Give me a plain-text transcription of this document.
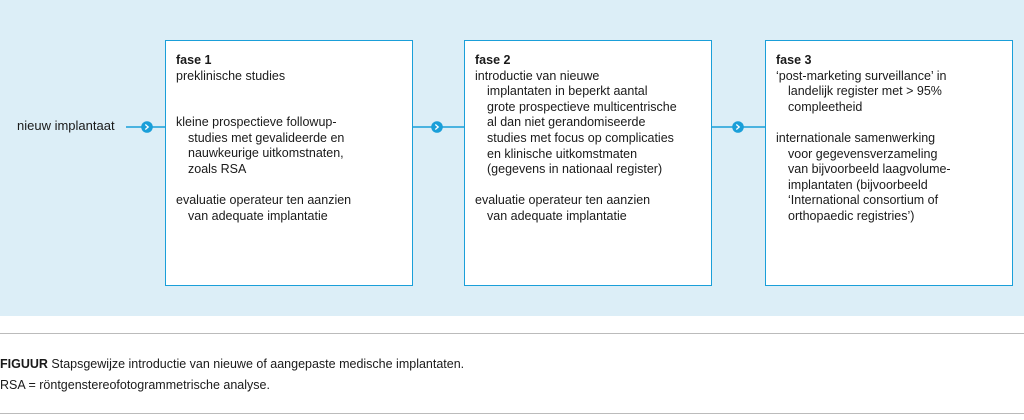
nieuw implantaat
fase 1
preklinische studies
kleine prospectieve followup-
studies met gevalideerde en
nauwkeurige uitkomstnaten,
zoals RSA
evaluatie operateur ten aanzien
van adequate implantatie
fase 2
introductie van nieuwe
implantaten in beperkt aantal
grote prospectieve multicentrische
al dan niet gerandomiseerde
studies met focus op complicaties
en klinische uitkomstmaten
(gegevens in nationaal register)
evaluatie operateur ten aanzien
van adequate implantatie
fase 3
‘post-marketing surveillance’ in
landelijk register met > 95%
compleetheid
internationale samenwerking
voor gegevensverzameling
van bijvoorbeeld laagvolume-
implantaten (bijvoorbeeld
‘International consortium of
orthopaedic registries’)
FIGUUR Stapsgewijze introductie van nieuwe of aangepaste medische implantaten.
RSA = röntgenstereofotogrammetrische analyse.
